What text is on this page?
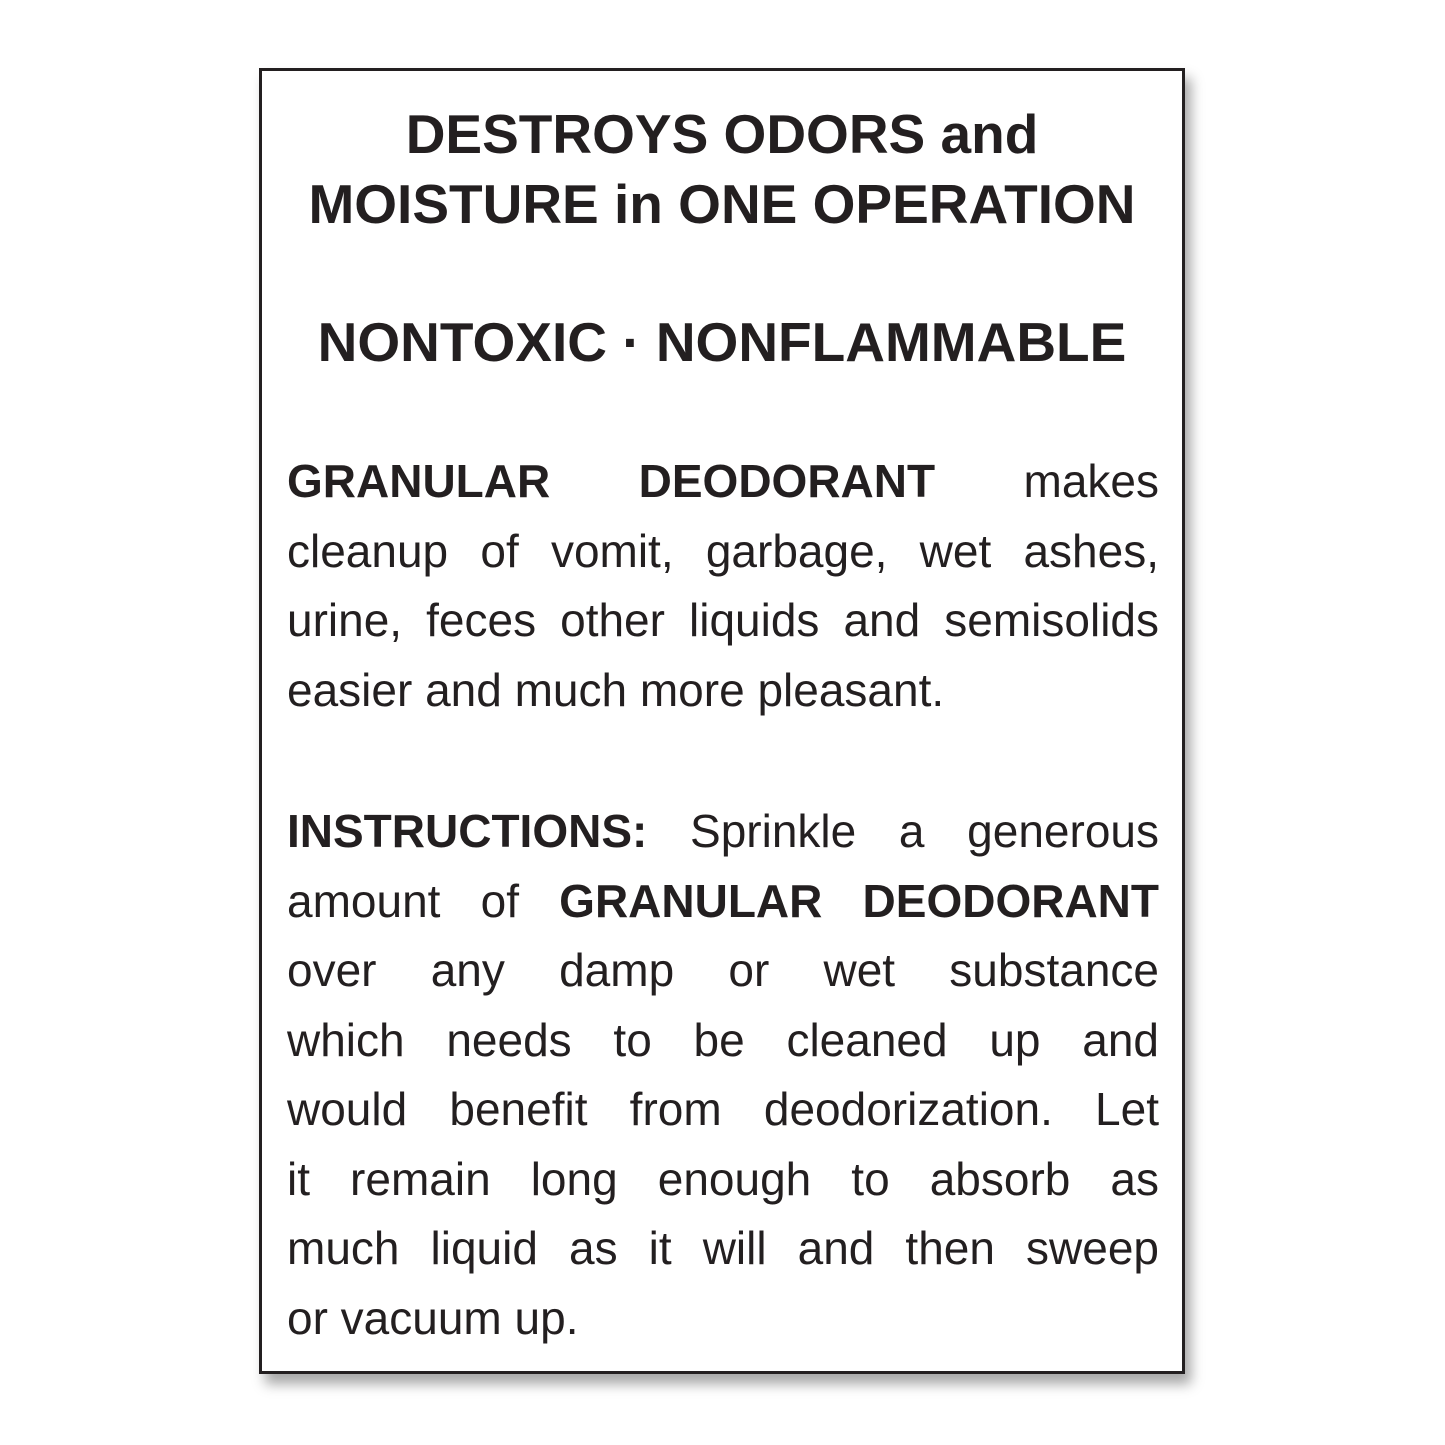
DESTROYS ODORS and
MOISTURE in ONE OPERATION
NONTOXIC · NONFLAMMABLE
GRANULAR DEODORANT makes
cleanup of vomit, garbage, wet ashes,
urine, feces other liquids and semisolids
easier and much more pleasant.
INSTRUCTIONS: Sprinkle a generous
amount of GRANULAR DEODORANT
over any damp or wet substance
which needs to be cleaned up and
would benefit from deodorization. Let
it remain long enough to absorb as
much liquid as it will and then sweep
or vacuum up.
